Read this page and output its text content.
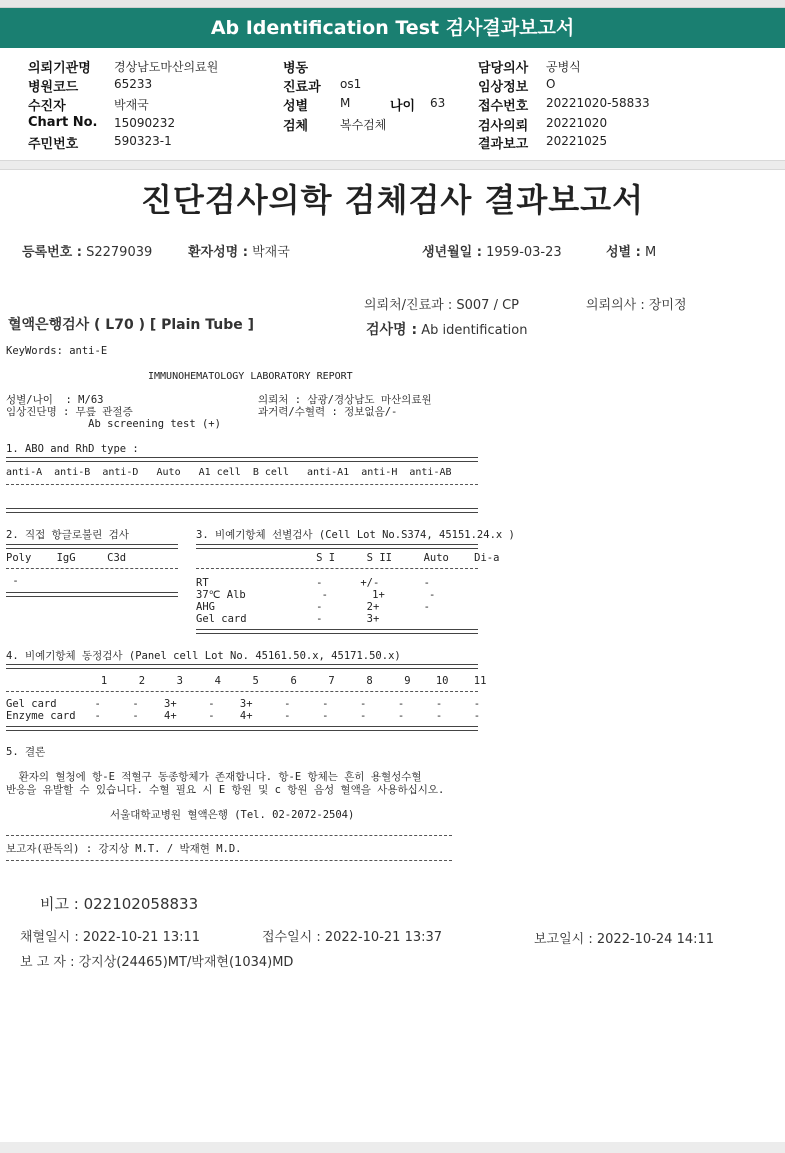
Ab Identification Test 검사결과보고서
의뢰기관명 경상남도마산의료원
병원코드	65233
수진자	박재국
Chart No. 15090232
주민번호	590323-1
병동
진료과 os1
성별	M	나이 63
검체	복수검체
담당의사 공병식
임상정보 O
접수번호 20221020-58833
검사의뢰 20221020
결과보고 20221025
진단검사의학 검체검사 결과보고서
등록번호 : S2279039	환자성명 : 박재국	생년월일 : 1959-03-23	성별 : M
의뢰처/진료과 : S007 / CP	의뢰의사 : 장미정
혈액은행검사 ( L70 ) [ Plain Tube ]	검사명 : Ab identification
KeyWords: anti-E
IMMUNOHEMATOLOGY LABORATORY REPORT
성별/나이  : M/63
임상진단명 : 무릎 관절증
Ab screening test (+)
의뢰처 : 삼광/경상남도 마산의료원
과거력/수혈력 : 정보없음/-
1. ABO and RhD type :
anti-A  anti-B  anti-D   Auto   A1 cell  B cell   anti-A1  anti-H  anti-AB
2. 직접 항글로불린 검사
Poly    IgG     C3d
-
3. 비예기항체 선별검사 (Cell Lot No.S374, 45151.24.x )
S I     S II     Auto    Di-a
RT                 -      +/-       -
37℃ Alb            -       1+       -
AHG                -       2+       -
Gel card           -       3+
4. 비예기항체 동정검사 (Panel cell Lot No. 45161.50.x, 45171.50.x)
1     2     3     4     5     6     7     8     9    10    11
Gel card      -     -    3+     -    3+     -     -     -     -     -     -
Enzyme card   -     -    4+     -    4+     -     -     -     -     -     -
5. 결론
환자의 혈청에 항-E 적혈구 동종항체가 존재합니다. 항-E 항체는 흔히 용혈성수혈
반응을 유발할 수 있습니다. 수혈 필요 시 E 항원 및 c 항원 음성 혈액을 사용하십시오.
서울대학교병원 혈액은행 (Tel. 02-2072-2504)
보고자(판독의) : 강지상 M.T. / 박재현 M.D.
비고 : 022102058833
채혈일시 : 2022-10-21 13:11	접수일시 : 2022-10-21 13:37	보고일시 : 2022-10-24 14:11
보 고 자 : 강지상(24465)MT/박재현(1034)MD
